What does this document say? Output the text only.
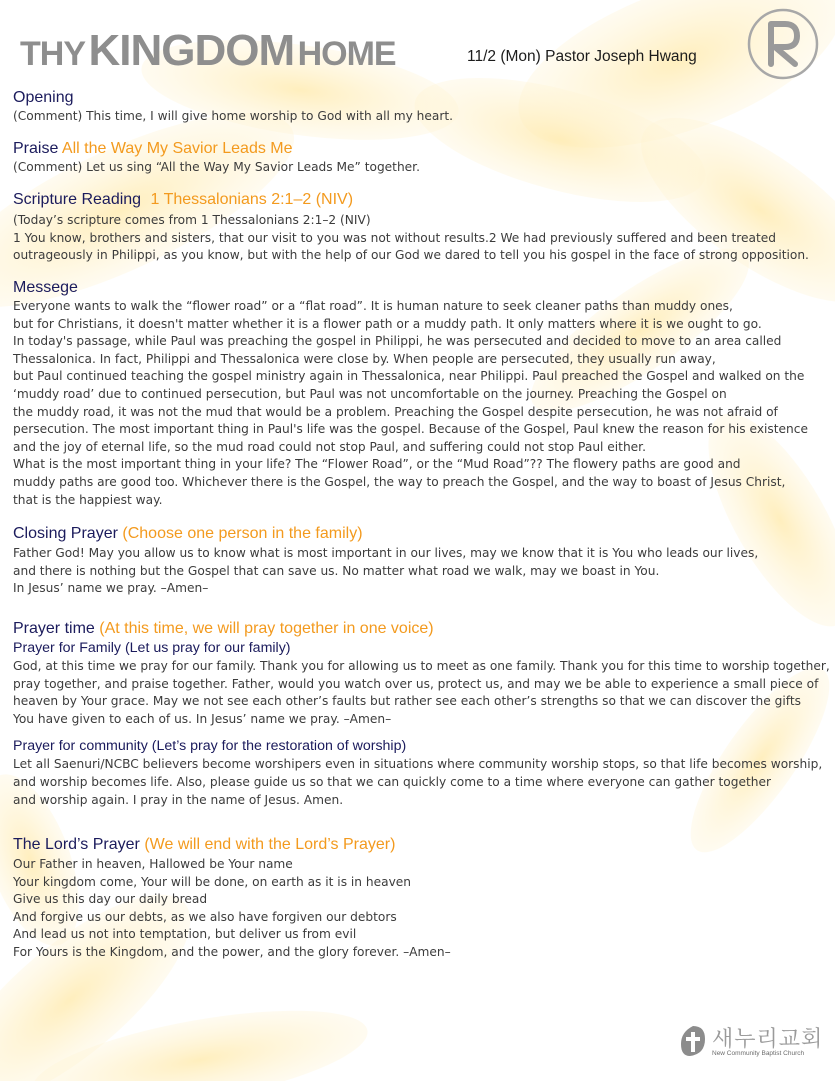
THY KINGDOM HOME	11/2 (Mon) Pastor Joseph Hwang
Opening
(Comment) This time, I will give home worship to God with all my heart.
Praise All the Way My Savior Leads Me
(Comment) Let us sing “All the Way My Savior Leads Me” together.
Scripture Reading 1 Thessalonians 2:1–2 (NIV)
(Today’s scripture comes from 1 Thessalonians 2:1–2 (NIV)
1 You know, brothers and sisters, that our visit to you was not without results.2 We had previously suffered and been treated
outrageously in Philippi, as you know, but with the help of our God we dared to tell you his gospel in the face of strong opposition.
Messege
Everyone wants to walk the “flower road” or a “flat road”. It is human nature to seek cleaner paths than muddy ones,
but for Christians, it doesn't matter whether it is a flower path or a muddy path. It only matters where it is we ought to go.
In today's passage, while Paul was preaching the gospel in Philippi, he was persecuted and decided to move to an area called
Thessalonica. In fact, Philippi and Thessalonica were close by. When people are persecuted, they usually run away,
but Paul continued teaching the gospel ministry again in Thessalonica, near Philippi. Paul preached the Gospel and walked on the
‘muddy road’ due to continued persecution, but Paul was not uncomfortable on the journey. Preaching the Gospel on
the muddy road, it was not the mud that would be a problem. Preaching the Gospel despite persecution, he was not afraid of
persecution. The most important thing in Paul's life was the gospel. Because of the Gospel, Paul knew the reason for his existence
and the joy of eternal life, so the mud road could not stop Paul, and suffering could not stop Paul either.
What is the most important thing in your life? The “Flower Road”, or the “Mud Road”?? The flowery paths are good and
muddy paths are good too. Whichever there is the Gospel, the way to preach the Gospel, and the way to boast of Jesus Christ,
that is the happiest way.
Closing Prayer (Choose one person in the family)
Father God! May you allow us to know what is most important in our lives, may we know that it is You who leads our lives,
and there is nothing but the Gospel that can save us. No matter what road we walk, may we boast in You.
In Jesus’ name we pray. –Amen–
Prayer time (At this time, we will pray together in one voice)
Prayer for Family (Let us pray for our family)
God, at this time we pray for our family. Thank you for allowing us to meet as one family. Thank you for this time to worship together,
pray together, and praise together. Father, would you watch over us, protect us, and may we be able to experience a small piece of
heaven by Your grace. May we not see each other’s faults but rather see each other’s strengths so that we can discover the gifts
You have given to each of us. In Jesus’ name we pray. –Amen–
Prayer for community (Let’s pray for the restoration of worship)
Let all Saenuri/NCBC believers become worshipers even in situations where community worship stops, so that life becomes worship,
and worship becomes life. Also, please guide us so that we can quickly come to a time where everyone can gather together
and worship again. I pray in the name of Jesus. Amen.
The Lord’s Prayer (We will end with the Lord’s Prayer)
Our Father in heaven, Hallowed be Your name
Your kingdom come, Your will be done, on earth as it is in heaven
Give us this day our daily bread
And forgive us our debts, as we also have forgiven our debtors
And lead us not into temptation, but deliver us from evil
For Yours is the Kingdom, and the power, and the glory forever. –Amen–
새누리교회
New Community Baptist Church
